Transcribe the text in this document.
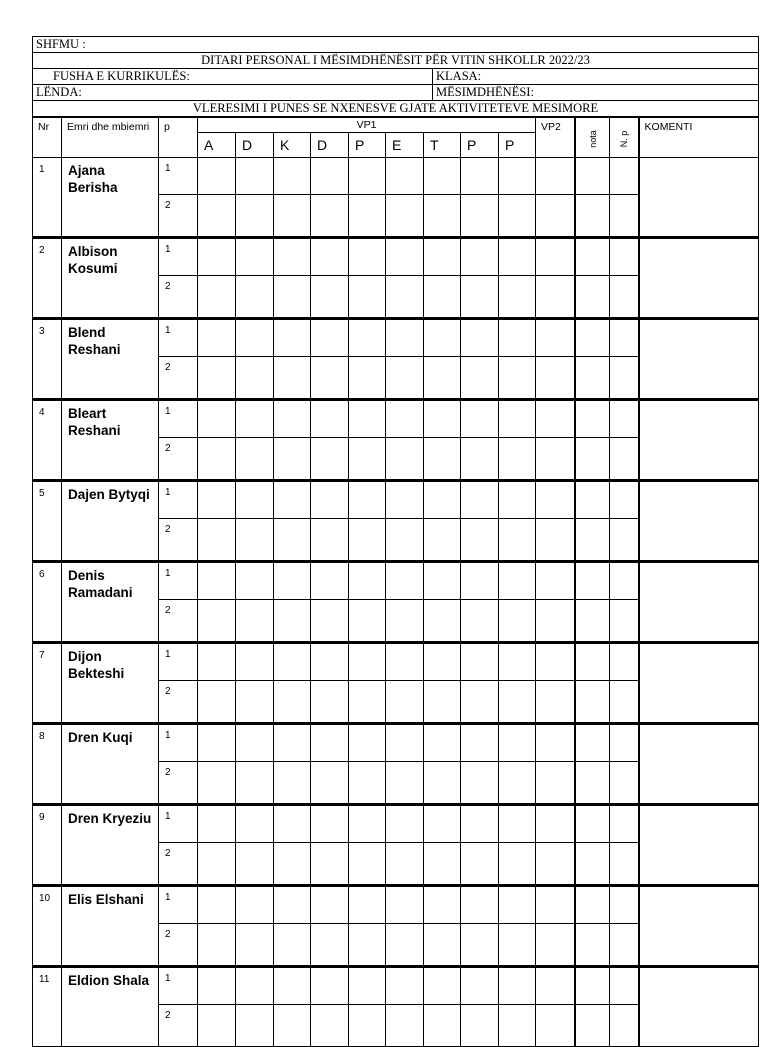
SHFMU :	
DITARI PERSONAL I MËSIMDHËNËSIT PËR VITIN SHKOLLR 2022/23	
FUSHA E KURRIKULËS:	KLASA:
LËNDA:	MËSIMDHËNËSI:
VLERESIMI I PUNES SE NXENESVE GJATE AKTIVITETEVE MESIMORE	
Nr	Emri dhe mbiemri	p	VP1									VP2	nota	N. p	KOMENTI
			A	D	K	D	P	E	T	P	P				
1	Ajana Berisha	1													
		2													
2	Albison Kosumi	1													
		2													
3	Blend Reshani	1													
		2													
4	Bleart Reshani	1													
		2													
5	Dajen Bytyqi	1													
		2													
6	Denis Ramadani	1													
		2													
7	Dijon Bekteshi	1													
		2													
8	Dren Kuqi	1													
		2													
9	Dren Kryeziu	1													
		2													
10	Elis Elshani	1													
		2													
11	Eldion Shala	1													
		2													
